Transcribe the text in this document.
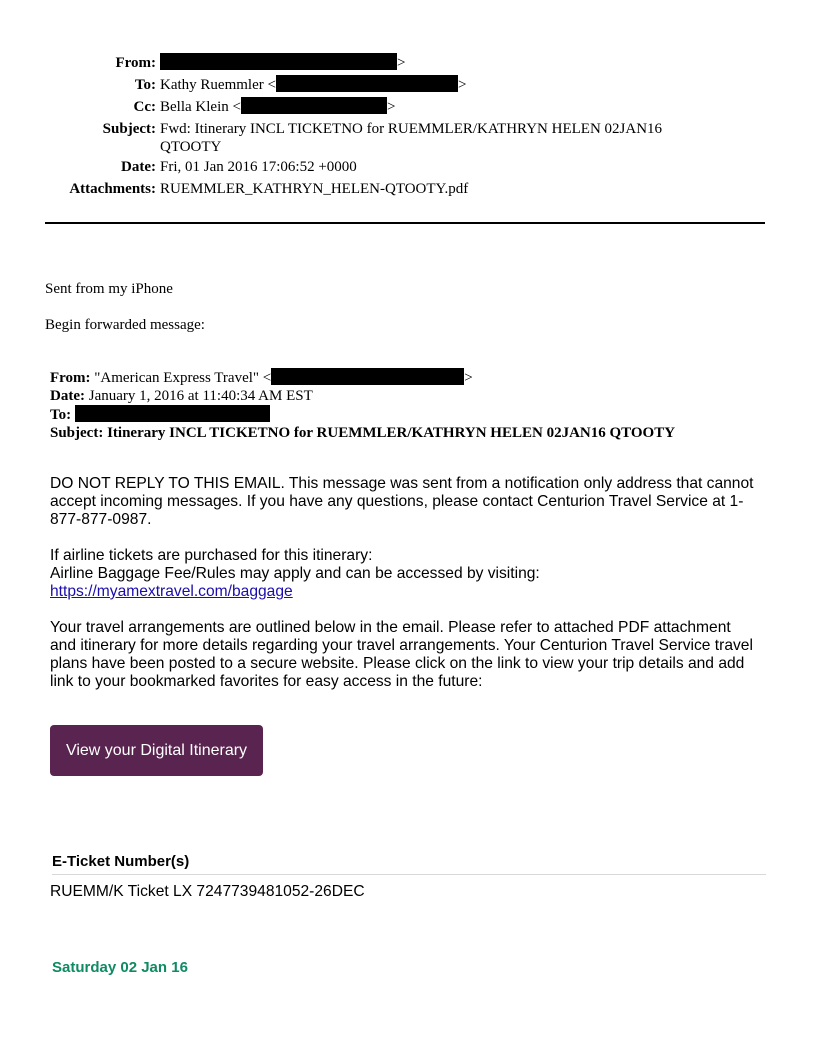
From:	>
To: Kathy Ruemmler <	>
Cc: Bella Klein <	>
Subject: Fwd: Itinerary INCL TICKETNO for RUEMMLER/KATHRYN HELEN 02JAN16
QTOOTY
Date: Fri, 01 Jan 2016 17:06:52 +0000
Attachments: RUEMMLER_KATHRYN_HELEN-QTOOTY.pdf
Sent from my iPhone
Begin forwarded message:
From: "American Express Travel" <	>
Date: January 1, 2016 at 11:40:34 AM EST
To:
Subject: Itinerary INCL TICKETNO for RUEMMLER/KATHRYN HELEN 02JAN16 QTOOTY

DO NOT REPLY TO THIS EMAIL. This message was sent from a notification only address that cannot accept incoming messages. If you have any questions, please contact Centurion Travel Service at 1-877-877-0987.

If airline tickets are purchased for this itinerary:

Airline Baggage Fee/Rules may apply and can be accessed by visiting:

https://myamextravel.com/baggage

Your travel arrangements are outlined below in the email. Please refer to attached PDF attachment and itinerary for more details regarding your travel arrangements. Your Centurion Travel Service travel plans have been posted to a secure website. Please click on the link to view your trip details and add link to your bookmarked favorites for easy access in the future:

View your Digital Itinerary
E-Ticket Number(s)
RUEMM/K Ticket LX 7247739481052-26DEC
Saturday 02 Jan 16
